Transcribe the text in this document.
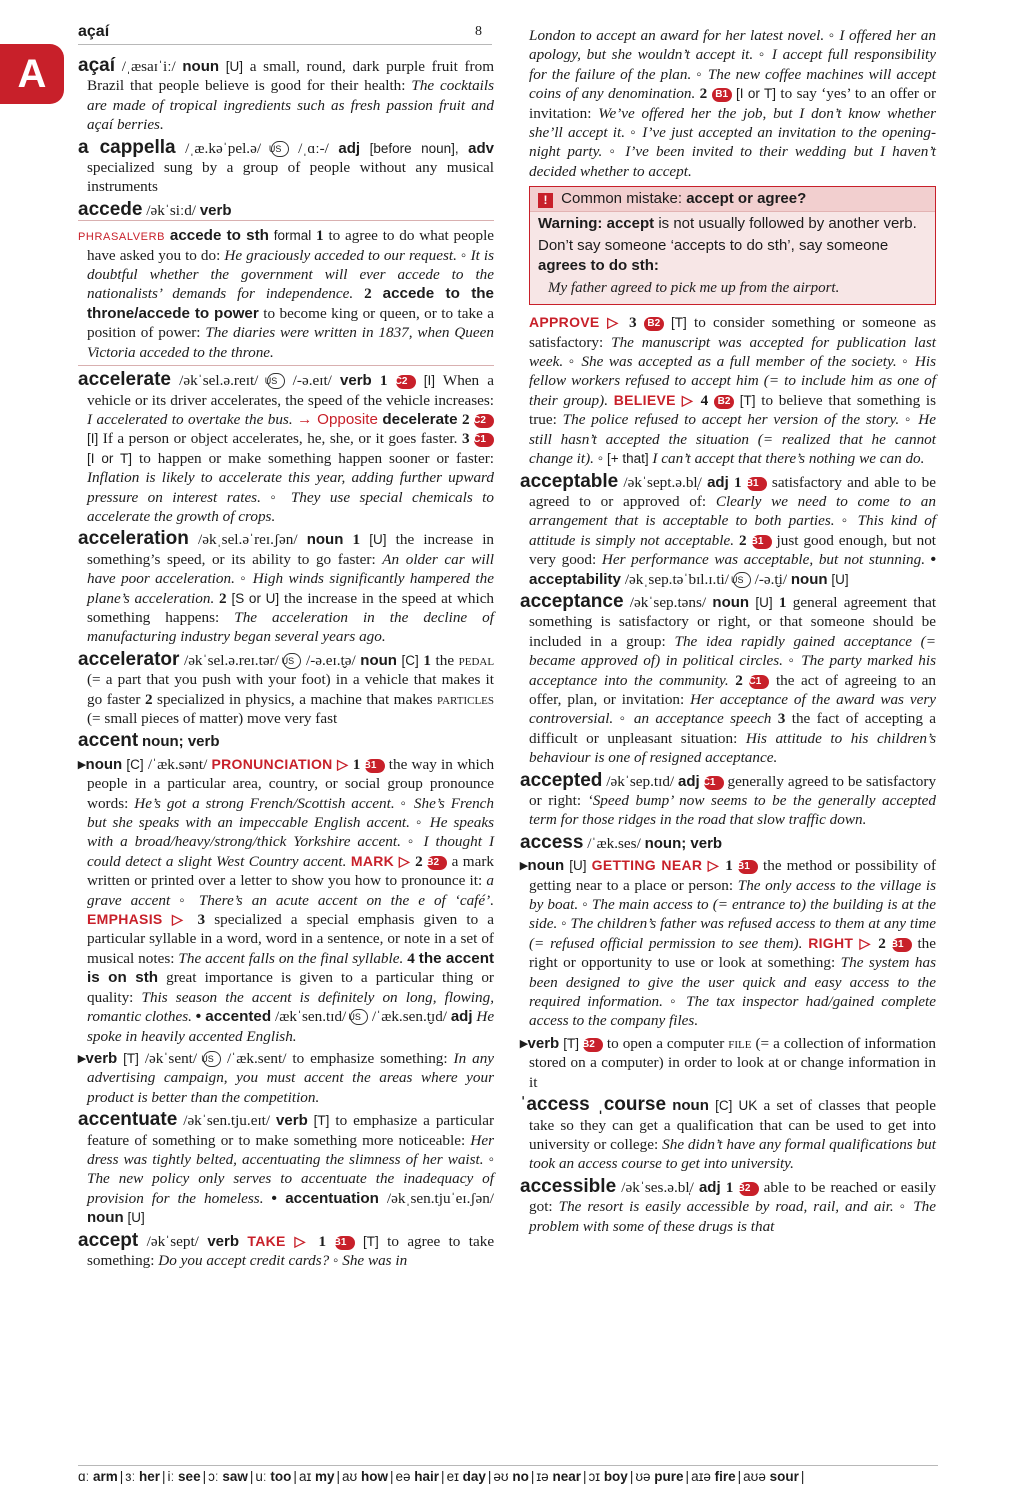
A
açaí	8
açaí /ˌæsaɪˈiː/ noun [U] a small, round, dark purple fruit from Brazil that people believe is good for their health: The cocktails are made of tropical ingredients such as fresh passion fruit and açaí berries.
a cappella /ˌæ.kəˈpel.ə/ US /ˌɑː-/ adj [before noun], adv specialized sung by a group of people without any musical instruments
accede /əkˈsiːd/ verb
PHRASALVERB accede to sth formal 1 to agree to do what people have asked you to do: He graciously acceded to our request. ◦ It is doubtful whether the government will ever accede to the nationalists’ demands for independence. 2 accede to the throne/accede to power to become king or queen, or to take a position of power: The diaries were written in 1837, when Queen Victoria acceded to the throne.
accelerate /əkˈsel.ə.reɪt/ US /-ə.eɪt/ verb 1 C2 [I] When a vehicle or its driver accelerates, the speed of the vehicle increases: I accelerated to overtake the bus. → Opposite decelerate 2 C2 [I] If a person or object accelerates, he, she, or it goes faster. 3 C1 [I or T] to happen or make something happen sooner or faster: Inflation is likely to accelerate this year, adding further upward pressure on interest rates. ◦ They use special chemicals to accelerate the growth of crops.
acceleration /əkˌsel.əˈreɪ.ʃən/ noun 1 [U] the increase in something’s speed, or its ability to go faster: An older car will have poor acceleration. ◦ High winds significantly hampered the plane’s acceleration. 2 [S or U] the increase in the speed at which something happens: The acceleration in the decline of manufacturing industry began several years ago.
accelerator /əkˈsel.ə.reɪ.tər/ US /-ə.eɪ.t̬ə/ noun [C] 1 the pedal (= a part that you push with your foot) in a vehicle that makes it go faster 2 specialized in physics, a machine that makes particles (= small pieces of matter) move very fast
accent noun; verb
▸noun [C] /ˈæk.sənt/ PRONUNCIATION ▷ 1 B1 the way in which people in a particular area, country, or social group pronounce words: He’s got a strong French/Scottish accent. ◦ She’s French but she speaks with an impeccable English accent. ◦ He speaks with a broad/heavy/strong/thick Yorkshire accent. ◦ I thought I could detect a slight West Country accent. MARK ▷ 2 B2 a mark written or printed over a letter to show you how to pronounce it: a grave accent ◦ There’s an acute accent on the e of ‘café’. EMPHASIS ▷ 3 specialized a special emphasis given to a particular syllable in a word, word in a sentence, or note in a set of musical notes: The accent falls on the final syllable. 4 the accent is on sth great importance is given to a particular thing or quality: This season the accent is definitely on long, flowing, romantic clothes. • accented /ækˈsen.tɪd/ US /ˈæk.sen.t̬ɪd/ adj He spoke in heavily accented English.
▸verb [T] /əkˈsent/ US /ˈæk.sent/ to emphasize something: In any advertising campaign, you must accent the areas where your product is better than the competition.
accentuate /əkˈsen.tju.eɪt/ verb [T] to emphasize a particular feature of something or to make something more noticeable: Her dress was tightly belted, accentuating the slimness of her waist. ◦ The new policy only serves to accentuate the inadequacy of provision for the homeless. • accentuation /əkˌsen.tjuˈeɪ.ʃən/ noun [U]
accept /əkˈsept/ verb TAKE ▷ 1 B1 [T] to agree to take something: Do you accept credit cards? ◦ She was in
London to accept an award for her latest novel. ◦ I offered her an apology, but she wouldn’t accept it. ◦ I accept full responsibility for the failure of the plan. ◦ The new coffee machines will accept coins of any denomination. 2 B1 [I or T] to say ‘yes’ to an offer or invitation: We’ve offered her the job, but I don’t know whether she’ll accept it. ◦ I’ve just accepted an invitation to the opening-night party. ◦ I’ve been invited to their wedding but I haven’t decided whether to accept.
! Common mistake: accept or agree?

Warning: accept is not usually followed by another verb.

Don’t say someone ‘accepts to do sth’, say someone agrees to do sth:

My father agreed to pick me up from the airport.

APPROVE ▷ 3 B2 [T] to consider something or someone as satisfactory: The manuscript was accepted for publication last week. ◦ She was accepted as a full member of the society. ◦ His fellow workers refused to accept him (= to include him as one of their group). BELIEVE ▷ 4 B2 [T] to believe that something is true: The police refused to accept her version of the story. ◦ He still hasn’t accepted the situation (= realized that he cannot change it). ◦ [+ that] I can’t accept that there’s nothing we can do.
acceptable /əkˈsept.ə.bl̩/ adj 1 B1 satisfactory and able to be agreed to or approved of: Clearly we need to come to an arrangement that is acceptable to both parties. ◦ This kind of attitude is simply not acceptable. 2 B1 just good enough, but not very good: Her performance was acceptable, but not stunning. • acceptability /əkˌsep.təˈbɪl.ɪ.ti/ US /-ə.t̬i/ noun [U]
acceptance /əkˈsep.təns/ noun [U] 1 general agreement that something is satisfactory or right, or that someone should be included in a group: The idea rapidly gained acceptance (= became approved of) in political circles. ◦ The party marked his acceptance into the community. 2 C1 the act of agreeing to an offer, plan, or invitation: Her acceptance of the award was very controversial. ◦ an acceptance speech 3 the fact of accepting a difficult or unpleasant situation: His attitude to his children’s behaviour is one of resigned acceptance.
accepted /əkˈsep.tɪd/ adj C1 generally agreed to be satisfactory or right: ‘Speed bump’ now seems to be the generally accepted term for those ridges in the road that slow traffic down.
access /ˈæk.ses/ noun; verb
▸noun [U] GETTING NEAR ▷ 1 B1 the method or possibility of getting near to a place or person: The only access to the village is by boat. ◦ The main access to (= entrance to) the building is at the side. ◦ The children’s father was refused access to them at any time (= refused official permission to see them). RIGHT ▷ 2 B1 the right or opportunity to use or look at something: The system has been designed to give the user quick and easy access to the required information. ◦ The tax inspector had/gained complete access to the company files.
▸verb [T] B2 to open a computer file (= a collection of information stored on a computer) in order to look at or change information in it
ˈaccess ˌcourse noun [C] UK a set of classes that people take so they can get a qualification that can be used to get into university or college: She didn’t have any formal qualifications but took an access course to get into university.
accessible /əkˈses.ə.bl̩/ adj 1 B2 able to be reached or easily got: The resort is easily accessible by road, rail, and air. ◦ The problem with some of these drugs is that
ɑː arm | ɜː her | iː see | ɔː saw | uː too | aɪ my | aʊ how | eə hair | eɪ day | əʊ no | ɪə near | ɔɪ boy | ʊə pure | aɪə fire | aʊə sour |
